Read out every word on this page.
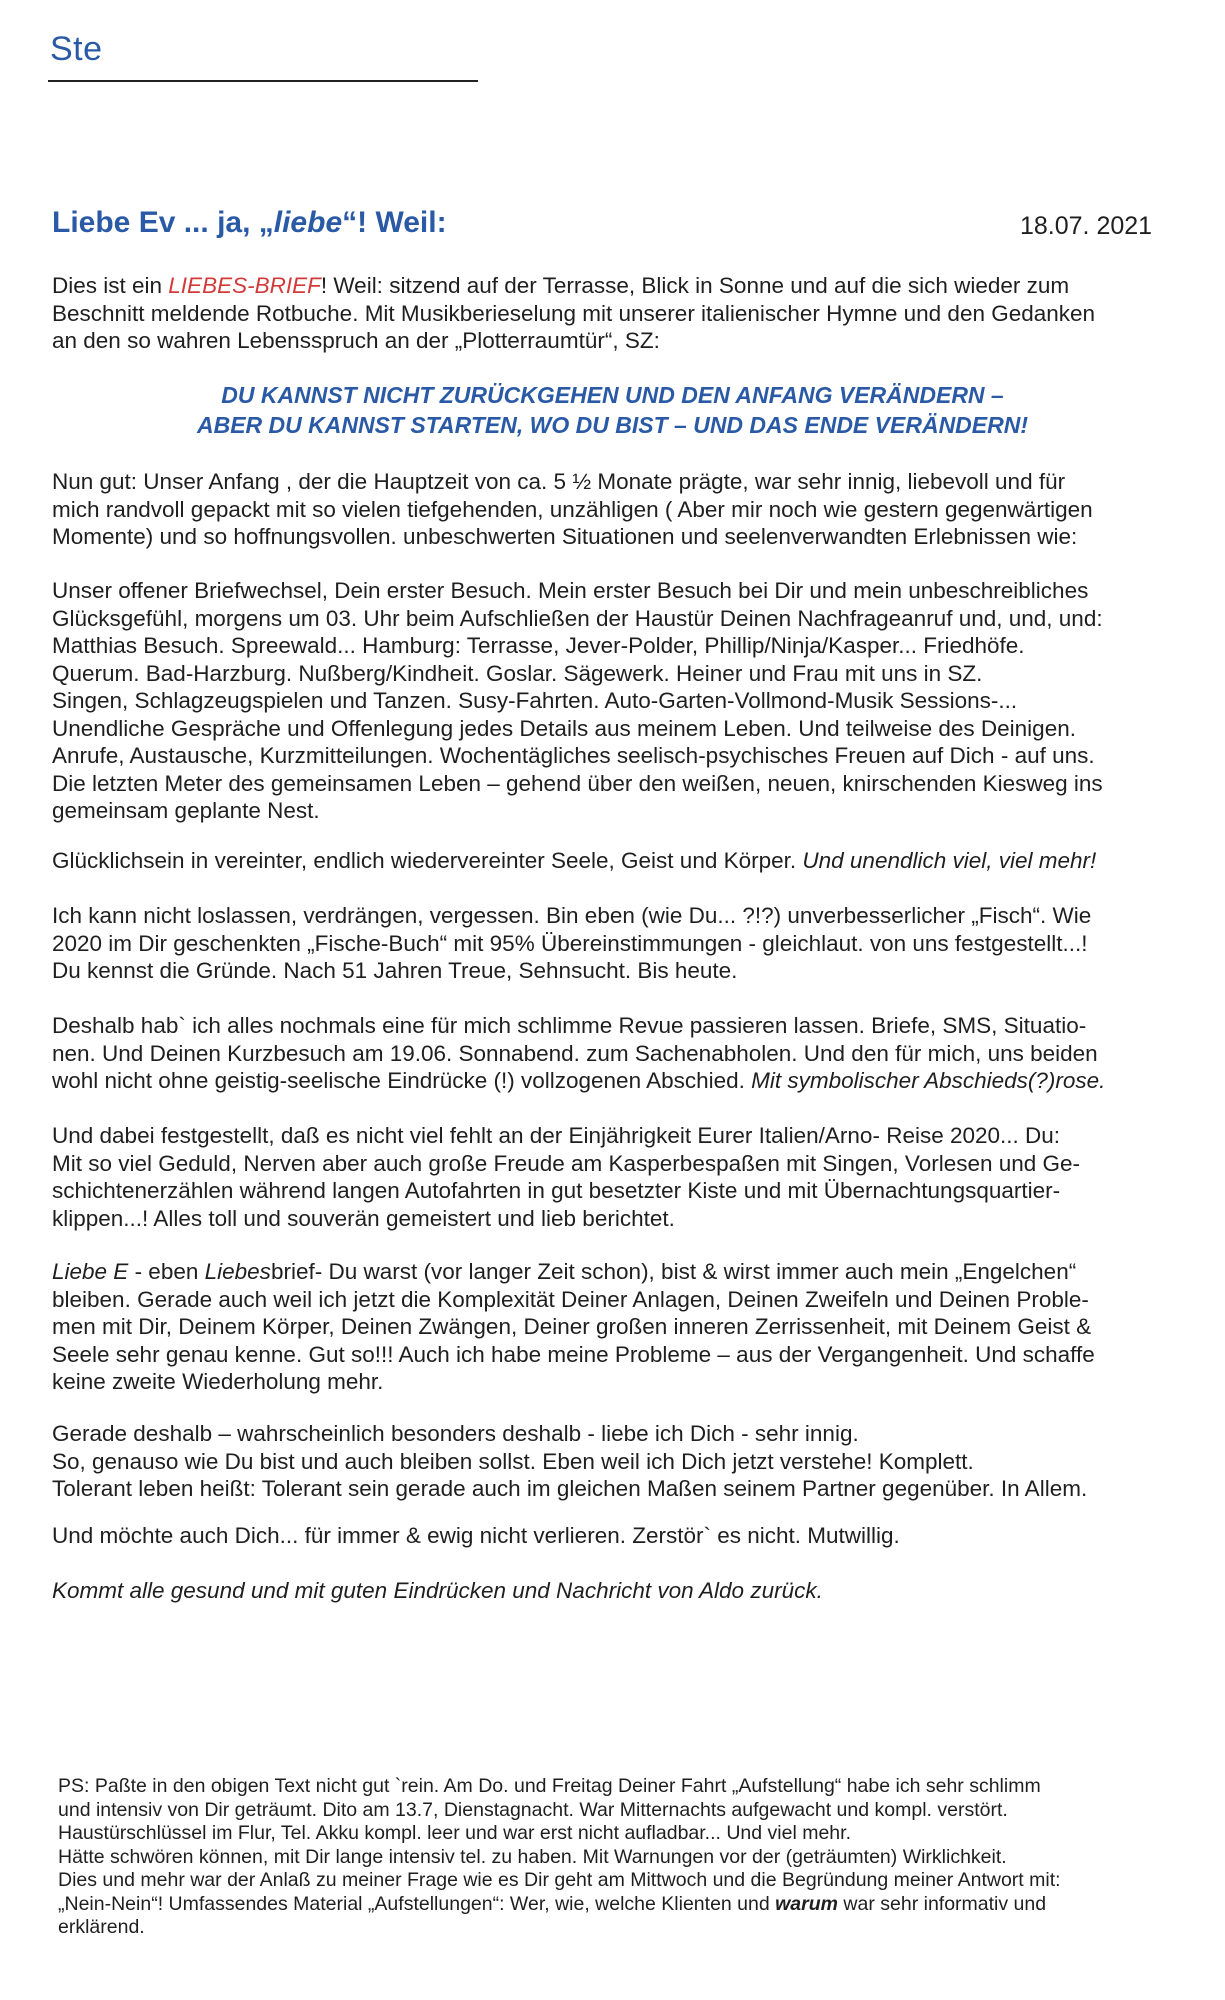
Ste
Liebe Ev ... ja, „liebe“! Weil:	18.07. 2021

Dies ist ein LIEBES-BRIEF! Weil: sitzend auf der Terrasse, Blick in Sonne und auf die sich wieder zum

Beschnitt meldende Rotbuche. Mit Musikberieselung mit unserer italienischer Hymne und den Gedanken

an den so wahren Lebensspruch an der „Plotterraumtür“, SZ:

DU KANNST NICHT ZURÜCKGEHEN UND DEN ANFANG VERÄNDERN –
ABER DU KANNST STARTEN, WO DU BIST – UND DAS ENDE VERÄNDERN!

Nun gut: Unser Anfang , der die Hauptzeit von ca. 5 ½ Monate prägte, war sehr innig, liebevoll und für

mich randvoll gepackt mit so vielen tiefgehenden, unzähligen ( Aber mir noch wie gestern gegenwärtigen

Momente) und so hoffnungsvollen. unbeschwerten Situationen und seelenverwandten Erlebnissen wie:

Unser offener Briefwechsel, Dein erster Besuch. Mein erster Besuch bei Dir und mein unbeschreibliches

Glücksgefühl, morgens um 03. Uhr beim Aufschließen der Haustür Deinen Nachfrageanruf und, und, und:

Matthias Besuch. Spreewald... Hamburg: Terrasse, Jever-Polder, Phillip/Ninja/Kasper... Friedhöfe.

Querum. Bad-Harzburg. Nußberg/Kindheit. Goslar. Sägewerk. Heiner und Frau mit uns in SZ.

Singen, Schlagzeugspielen und Tanzen. Susy-Fahrten. Auto-Garten-Vollmond-Musik Sessions-...

Unendliche Gespräche und Offenlegung jedes Details aus meinem Leben. Und teilweise des Deinigen.

Anrufe, Austausche, Kurzmitteilungen. Wochentägliches seelisch-psychisches Freuen auf Dich - auf uns.

Die letzten Meter des gemeinsamen Leben – gehend über den weißen, neuen, knirschenden Kiesweg ins

gemeinsam geplante Nest.

Glücklichsein in vereinter, endlich wiedervereinter Seele, Geist und Körper. Und unendlich viel, viel mehr!

Ich kann nicht loslassen, verdrängen, vergessen. Bin eben (wie Du... ?!?) unverbesserlicher „Fisch“. Wie

2020 im Dir geschenkten „Fische-Buch“ mit 95% Übereinstimmungen - gleichlaut. von uns festgestellt...!

Du kennst die Gründe. Nach 51 Jahren Treue, Sehnsucht. Bis heute.

Deshalb hab` ich alles nochmals eine für mich schlimme Revue passieren lassen. Briefe, SMS, Situatio-

nen. Und Deinen Kurzbesuch am 19.06. Sonnabend. zum Sachenabholen. Und den für mich, uns beiden

wohl nicht ohne geistig-seelische Eindrücke (!) vollzogenen Abschied. Mit symbolischer Abschieds(?)rose.

Und dabei festgestellt, daß es nicht viel fehlt an der Einjährigkeit Eurer Italien/Arno- Reise 2020... Du:

Mit so viel Geduld, Nerven aber auch große Freude am Kasperbespaßen mit Singen, Vorlesen und Ge-

schichtenerzählen während langen Autofahrten in gut besetzter Kiste und mit Übernachtungsquartier-

klippen...! Alles toll und souverän gemeistert und lieb berichtet.

Liebe E - eben Liebesbrief- Du warst (vor langer Zeit schon), bist & wirst immer auch mein „Engelchen“

bleiben. Gerade auch weil ich jetzt die Komplexität Deiner Anlagen, Deinen Zweifeln und Deinen Proble-

men mit Dir, Deinem Körper, Deinen Zwängen, Deiner großen inneren Zerrissenheit, mit Deinem Geist &

Seele sehr genau kenne. Gut so!!! Auch ich habe meine Probleme – aus der Vergangenheit. Und schaffe

keine zweite Wiederholung mehr.

Gerade deshalb – wahrscheinlich besonders deshalb - liebe ich Dich - sehr innig.

So, genauso wie Du bist und auch bleiben sollst. Eben weil ich Dich jetzt verstehe! Komplett.

Tolerant leben heißt: Tolerant sein gerade auch im gleichen Maßen seinem Partner gegenüber. In Allem.

Und möchte auch Dich... für immer & ewig nicht verlieren. Zerstör` es nicht. Mutwillig.

Kommt alle gesund und mit guten Eindrücken und Nachricht von Aldo zurück.

PS: Paßte in den obigen Text nicht gut `rein. Am Do. und Freitag Deiner Fahrt „Aufstellung“ habe ich sehr schlimm

und intensiv von Dir geträumt. Dito am 13.7, Dienstagnacht. War Mitternachts aufgewacht und kompl. verstört.

Haustürschlüssel im Flur, Tel. Akku kompl. leer und war erst nicht aufladbar... Und viel mehr.

Hätte schwören können, mit Dir lange intensiv tel. zu haben. Mit Warnungen vor der (geträumten) Wirklichkeit.

Dies und mehr war der Anlaß zu meiner Frage wie es Dir geht am Mittwoch und die Begründung meiner Antwort mit:

„Nein-Nein“! Umfassendes Material „Aufstellungen“: Wer, wie, welche Klienten und warum war sehr informativ und

erklärend.
